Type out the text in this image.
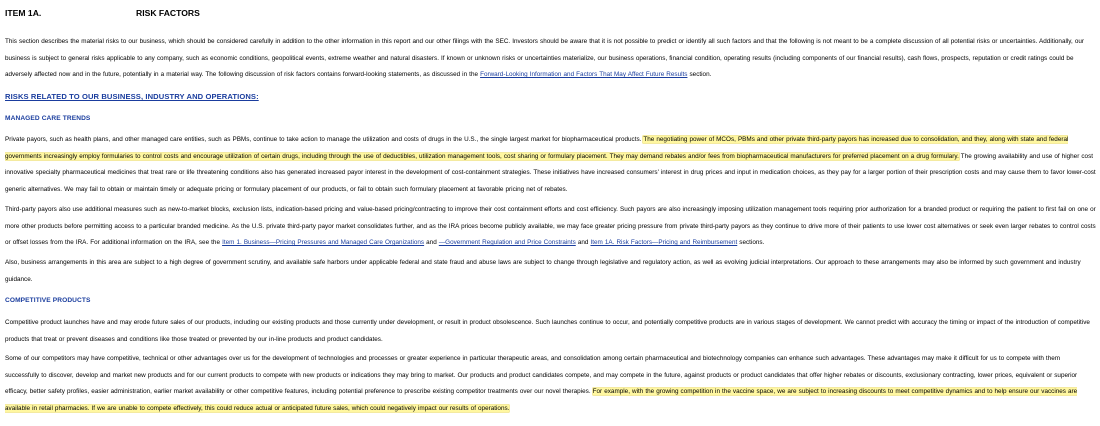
ITEM 1A.	RISK FACTORS

This section describes the material risks to our business, which should be considered carefully in addition to the other information in this report and our other filings with the SEC. Investors should be aware that it is not possible to predict or identify all such factors and that the following is not meant to be a complete discussion of all potential risks or uncertainties. Additionally, our business is subject to general risks applicable to any company, such as economic conditions, geopolitical events, extreme weather and natural disasters. If known or unknown risks or uncertainties materialize, our business operations, financial condition, operating results (including components of our financial results), cash flows, prospects, reputation or credit ratings could be adversely affected now and in the future, potentially in a material way. The following discussion of risk factors contains forward-looking statements, as discussed in the Forward-Looking Information and Factors That May Affect Future Results section.

RISKS RELATED TO OUR BUSINESS, INDUSTRY AND OPERATIONS:
MANAGED CARE TRENDS

Private payors, such as health plans, and other managed care entities, such as PBMs, continue to take action to manage the utilization and costs of drugs in the U.S., the single largest market for biopharmaceutical products. The negotiating power of MCOs, PBMs and other private third-party payors has increased due to consolidation, and they, along with state and federal governments increasingly employ formularies to control costs and encourage utilization of certain drugs, including through the use of deductibles, utilization management tools, cost sharing or formulary placement. They may demand rebates and/or fees from biopharmaceutical manufacturers for preferred placement on a drug formulary. The growing availability and use of higher cost innovative specialty pharmaceutical medicines that treat rare or life threatening conditions also has generated increased payor interest in the development of cost-containment strategies. These initiatives have increased consumers' interest in drug prices and input in medication choices, as they pay for a larger portion of their prescription costs and may cause them to favor lower-cost generic alternatives. We may fail to obtain or maintain timely or adequate pricing or formulary placement of our products, or fail to obtain such formulary placement at favorable pricing net of rebates.

Third-party payors also use additional measures such as new-to-market blocks, exclusion lists, indication-based pricing and value-based pricing/contracting to improve their cost containment efforts and cost efficiency. Such payors are also increasingly imposing utilization management tools requiring prior authorization for a branded product or requiring the patient to first fail on one or more other products before permitting access to a particular branded medicine. As the U.S. private third-party payor market consolidates further, and as the IRA prices become publicly available, we may face greater pricing pressure from private third-party payors as they continue to drive more of their patients to use lower cost alternatives or seek even larger rebates to control costs or offset losses from the IRA. For additional information on the IRA, see the Item 1. Business—Pricing Pressures and Managed Care Organizations and —Government Regulation and Price Constraints and Item 1A. Risk Factors—Pricing and Reimbursement sections.

Also, business arrangements in this area are subject to a high degree of government scrutiny, and available safe harbors under applicable federal and state fraud and abuse laws are subject to change through legislative and regulatory action, as well as evolving judicial interpretations. Our approach to these arrangements may also be informed by such government and industry guidance.

COMPETITIVE PRODUCTS

Competitive product launches have and may erode future sales of our products, including our existing products and those currently under development, or result in product obsolescence. Such launches continue to occur, and potentially competitive products are in various stages of development. We cannot predict with accuracy the timing or impact of the introduction of competitive products that treat or prevent diseases and conditions like those treated or prevented by our in-line products and product candidates.

Some of our competitors may have competitive, technical or other advantages over us for the development of technologies and processes or greater experience in particular therapeutic areas, and consolidation among certain pharmaceutical and biotechnology companies can enhance such advantages. These advantages may make it difficult for us to compete with them successfully to discover, develop and market new products and for our current products to compete with new products or indications they may bring to market. Our products and product candidates compete, and may compete in the future, against products or product candidates that offer higher rebates or discounts, exclusionary contracting, lower prices, equivalent or superior efficacy, better safety profiles, easier administration, earlier market availability or other competitive features, including potential preference to prescribe existing competitor treatments over our novel therapies. For example, with the growing competition in the vaccine space, we are subject to increasing discounts to meet competitive dynamics and to help ensure our vaccines are available in retail pharmacies. If we are unable to compete effectively, this could reduce actual or anticipated future sales, which could negatively impact our results of operations.
